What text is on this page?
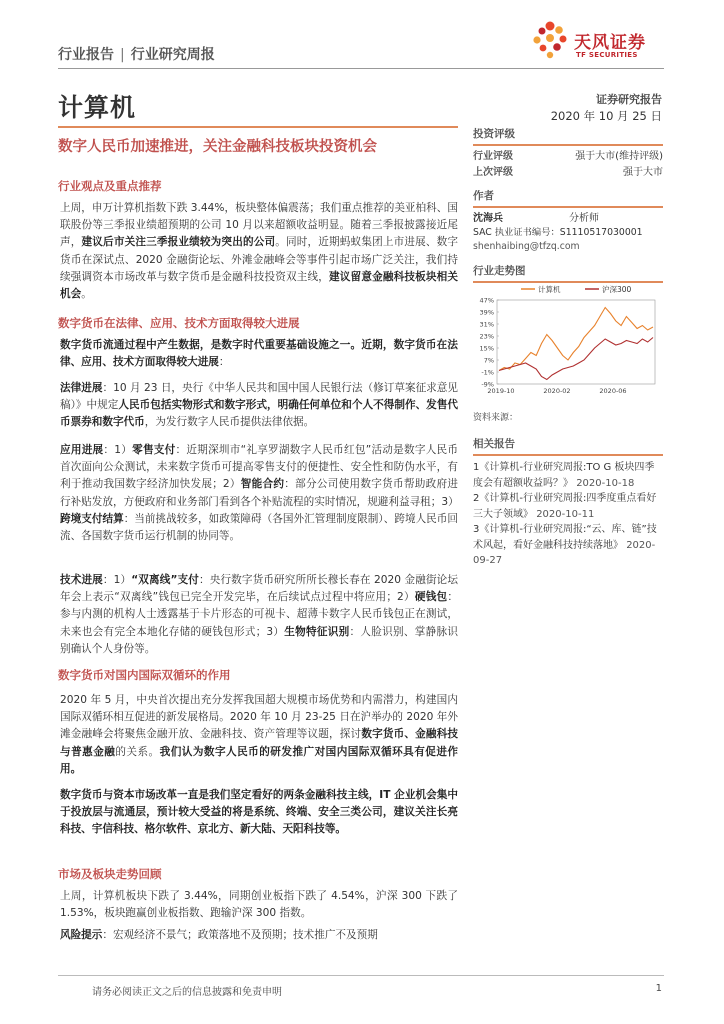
行业报告 | 行业研究周报
天风证券
TF SECURITIES
计算机	证券研究报告
2020 年 10 月 25 日
数字人民币加速推进，关注金融科技板块投资机会
行业观点及重点推荐
上周，申万计算机指数下跌 3.44%，板块整体偏震荡；我们重点推荐的美亚柏科、国联股份等三季报业绩超预期的公司 10 月以来超额收益明显。随着三季报披露接近尾声，建议后市关注三季报业绩较为突出的公司。同时，近期蚂蚁集团上市进展、数字货币在深试点、2020 金融街论坛、外滩金融峰会等事件引起市场广泛关注，我们持续强调资本市场改革与数字货币是金融科技投资双主线，建议留意金融科技板块相关机会。
数字货币在法律、应用、技术方面取得较大进展
数字货币流通过程中产生数据，是数字时代重要基础设施之一。近期，数字货币在法律、应用、技术方面取得较大进展：
法律进展：10 月 23 日，央行《中华人民共和国中国人民银行法（修订草案征求意见稿）》中规定人民币包括实物形式和数字形式，明确任何单位和个人不得制作、发售代币票券和数字代币，为发行数字人民币提供法律依据。
应用进展：1）零售支付：近期深圳市“礼享罗湖数字人民币红包”活动是数字人民币首次面向公众测试，未来数字货币可提高零售支付的便捷性、安全性和防伪水平，有利于推动我国数字经济加快发展；2）智能合约：部分公司使用数字货币帮助政府进行补贴发放，方便政府和业务部门看到各个补贴流程的实时情况，规避利益寻租；3）跨境支付结算：当前挑战较多，如政策障碍（各国外汇管理制度限制）、跨境人民币回流、各国数字货币运行机制的协同等。
技术进展：1）“双离线”支付：央行数字货币研究所所长穆长春在 2020 金融街论坛年会上表示“双离线”钱包已完全开发完毕，在后续试点过程中将应用；2）硬钱包：参与内测的机构人士透露基于卡片形态的可视卡、超薄卡数字人民币钱包正在测试，未来也会有完全本地化存储的硬钱包形式；3）生物特征识别：人脸识别、掌静脉识别确认个人身份等。
数字货币对国内国际双循环的作用
2020 年 5 月，中央首次提出充分发挥我国超大规模市场优势和内需潜力，构建国内国际双循环相互促进的新发展格局。2020 年 10 月 23-25 日在沪举办的 2020 年外滩金融峰会将聚焦金融开放、金融科技、资产管理等议题，探讨数字货币、金融科技与普惠金融的关系。我们认为数字人民币的研发推广对国内国际双循环具有促进作用。
数字货币与资本市场改革一直是我们坚定看好的两条金融科技主线，IT 企业机会集中于投放层与流通层，预计较大受益的将是系统、终端、安全三类公司，建议关注长亮科技、宇信科技、格尔软件、京北方、新大陆、天阳科技等。
市场及板块走势回顾
上周，计算机板块下跌了 3.44%，同期创业板指下跌了 4.54%，沪深 300 下跌了 1.53%，板块跑赢创业板指数、跑输沪深 300 指数。
风险提示：宏观经济不景气；政策落地不及预期；技术推广不及预期
投资评级
行业评级	强于大市(维持评级)
上次评级	强于大市
作者
沈海兵	分析师
SAC 执业证书编号：S1110517030001
shenhaibing@tfzq.com
行业走势图
47%
39%
31%
23%
15%
7%
-1%
-9%
2019-10	2020-02	2020-06
计算机	沪深300
资料来源：
相关报告
1《计算机-行业研究周报:TO G 板块四季度会有超额收益吗？》 2020-10-18
2《计算机-行业研究周报:四季度重点看好三大子领域》 2020-10-11
3《计算机-行业研究周报:“云、库、链”技术风起，看好金融科技持续落地》 2020-09-27
请务必阅读正文之后的信息披露和免责申明	1
